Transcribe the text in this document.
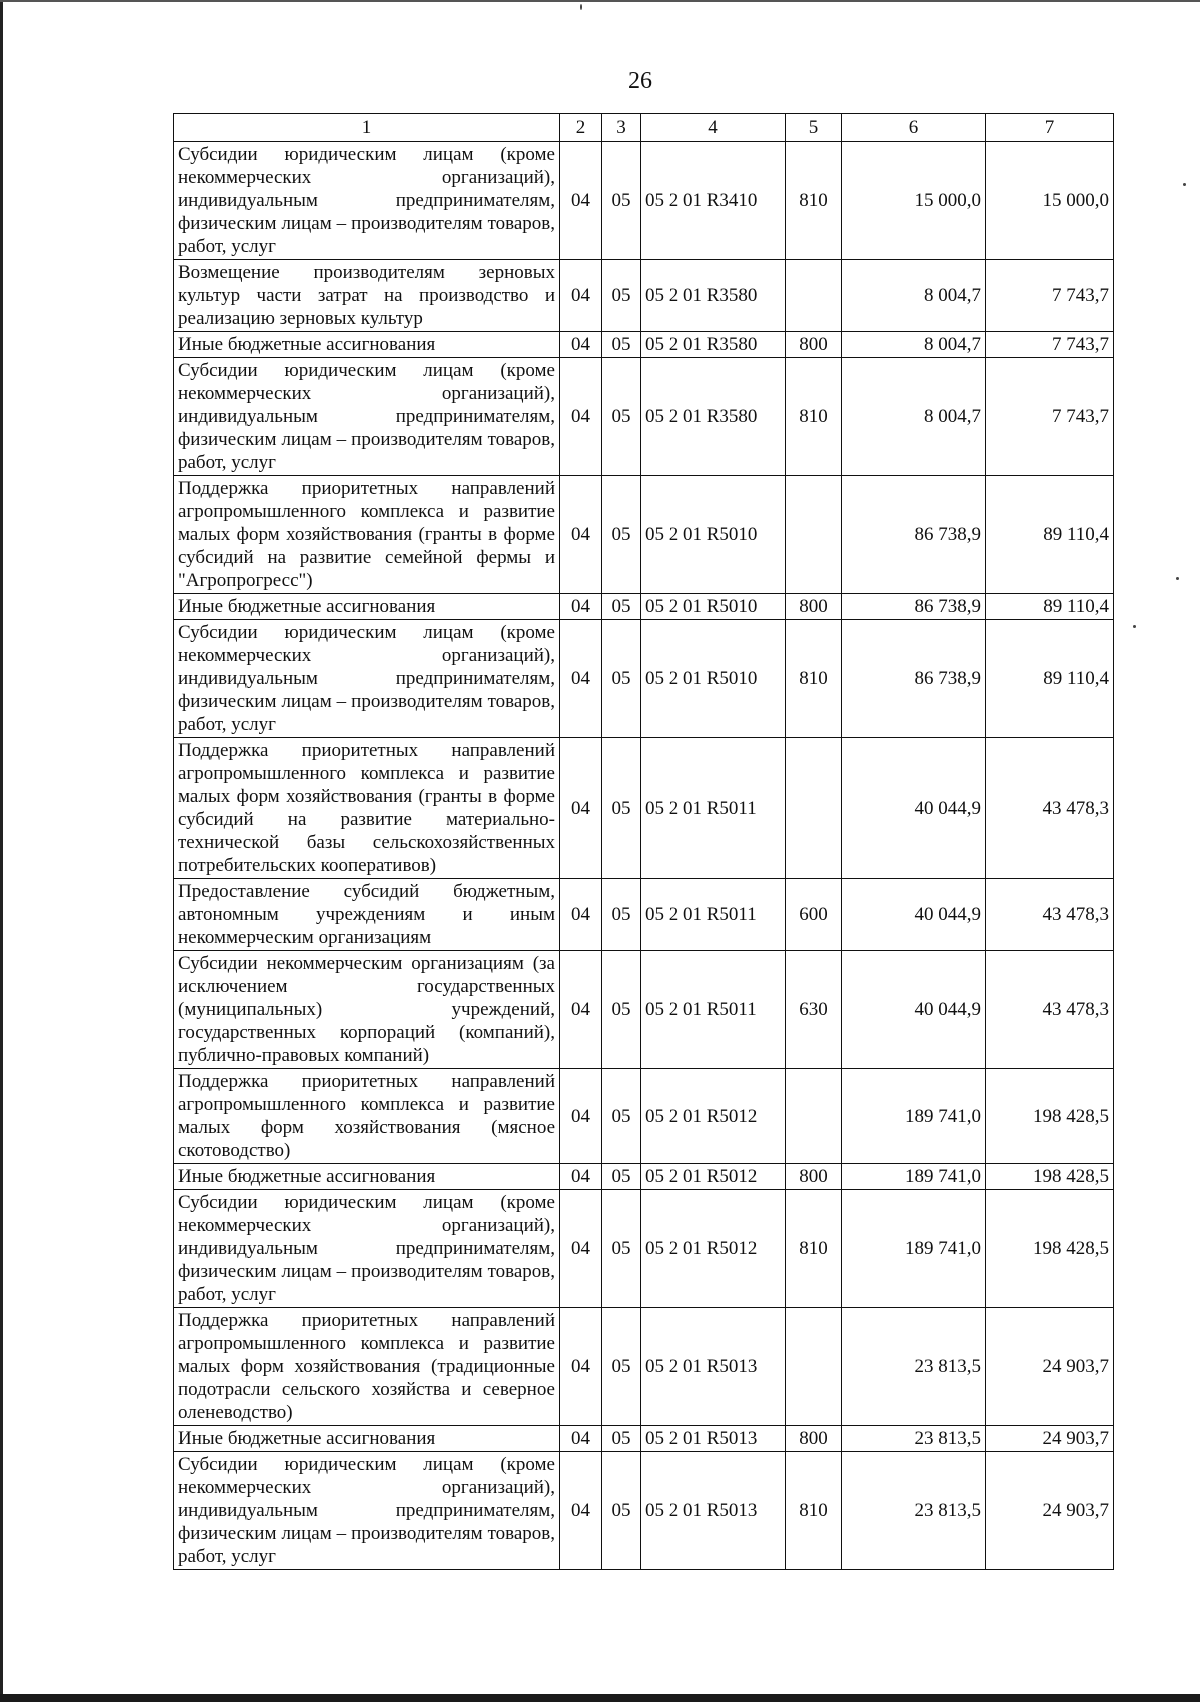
26
1	2	3	4	5	6	7
Субсидии юридическим лицам (кроме некоммерческих организаций), индивидуальным предпринимателям, физическим лицам – производителям товаров, работ, услуг	04	05	05 2 01 R3410	810	15 000,0	15 000,0
Возмещение производителям зерновых культур части затрат на производство и реализацию зерновых культур	04	05	05 2 01 R3580		8 004,7	7 743,7
Иные бюджетные ассигнования	04	05	05 2 01 R3580	800	8 004,7	7 743,7
Субсидии юридическим лицам (кроме некоммерческих организаций), индивидуальным предпринимателям, физическим лицам – производителям товаров, работ, услуг	04	05	05 2 01 R3580	810	8 004,7	7 743,7
Поддержка приоритетных направлений агропромышленного комплекса и развитие малых форм хозяйствования (гранты в форме субсидий на развитие семейной фермы и "Агропрогресс")	04	05	05 2 01 R5010		86 738,9	89 110,4
Иные бюджетные ассигнования	04	05	05 2 01 R5010	800	86 738,9	89 110,4
Субсидии юридическим лицам (кроме некоммерческих организаций), индивидуальным предпринимателям, физическим лицам – производителям товаров, работ, услуг	04	05	05 2 01 R5010	810	86 738,9	89 110,4
Поддержка приоритетных направлений агропромышленного комплекса и развитие малых форм хозяйствования (гранты в форме субсидий на развитие материально-технической базы сельскохозяйственных потребительских кооперативов)	04	05	05 2 01 R5011		40 044,9	43 478,3
Предоставление субсидий бюджетным, автономным учреждениям и иным некоммерческим организациям	04	05	05 2 01 R5011	600	40 044,9	43 478,3
Субсидии некоммерческим организациям (за исключением государственных (муниципальных) учреждений, государственных корпораций (компаний), публично-правовых компаний)	04	05	05 2 01 R5011	630	40 044,9	43 478,3
Поддержка приоритетных направлений агропромышленного комплекса и развитие малых форм хозяйствования (мясное скотоводство)	04	05	05 2 01 R5012		189 741,0	198 428,5
Иные бюджетные ассигнования	04	05	05 2 01 R5012	800	189 741,0	198 428,5
Субсидии юридическим лицам (кроме некоммерческих организаций), индивидуальным предпринимателям, физическим лицам – производителям товаров, работ, услуг	04	05	05 2 01 R5012	810	189 741,0	198 428,5
Поддержка приоритетных направлений агропромышленного комплекса и развитие малых форм хозяйствования (традиционные подотрасли сельского хозяйства и северное оленеводство)	04	05	05 2 01 R5013		23 813,5	24 903,7
Иные бюджетные ассигнования	04	05	05 2 01 R5013	800	23 813,5	24 903,7
Субсидии юридическим лицам (кроме некоммерческих организаций), индивидуальным предпринимателям, физическим лицам – производителям товаров, работ, услуг	04	05	05 2 01 R5013	810	23 813,5	24 903,7
